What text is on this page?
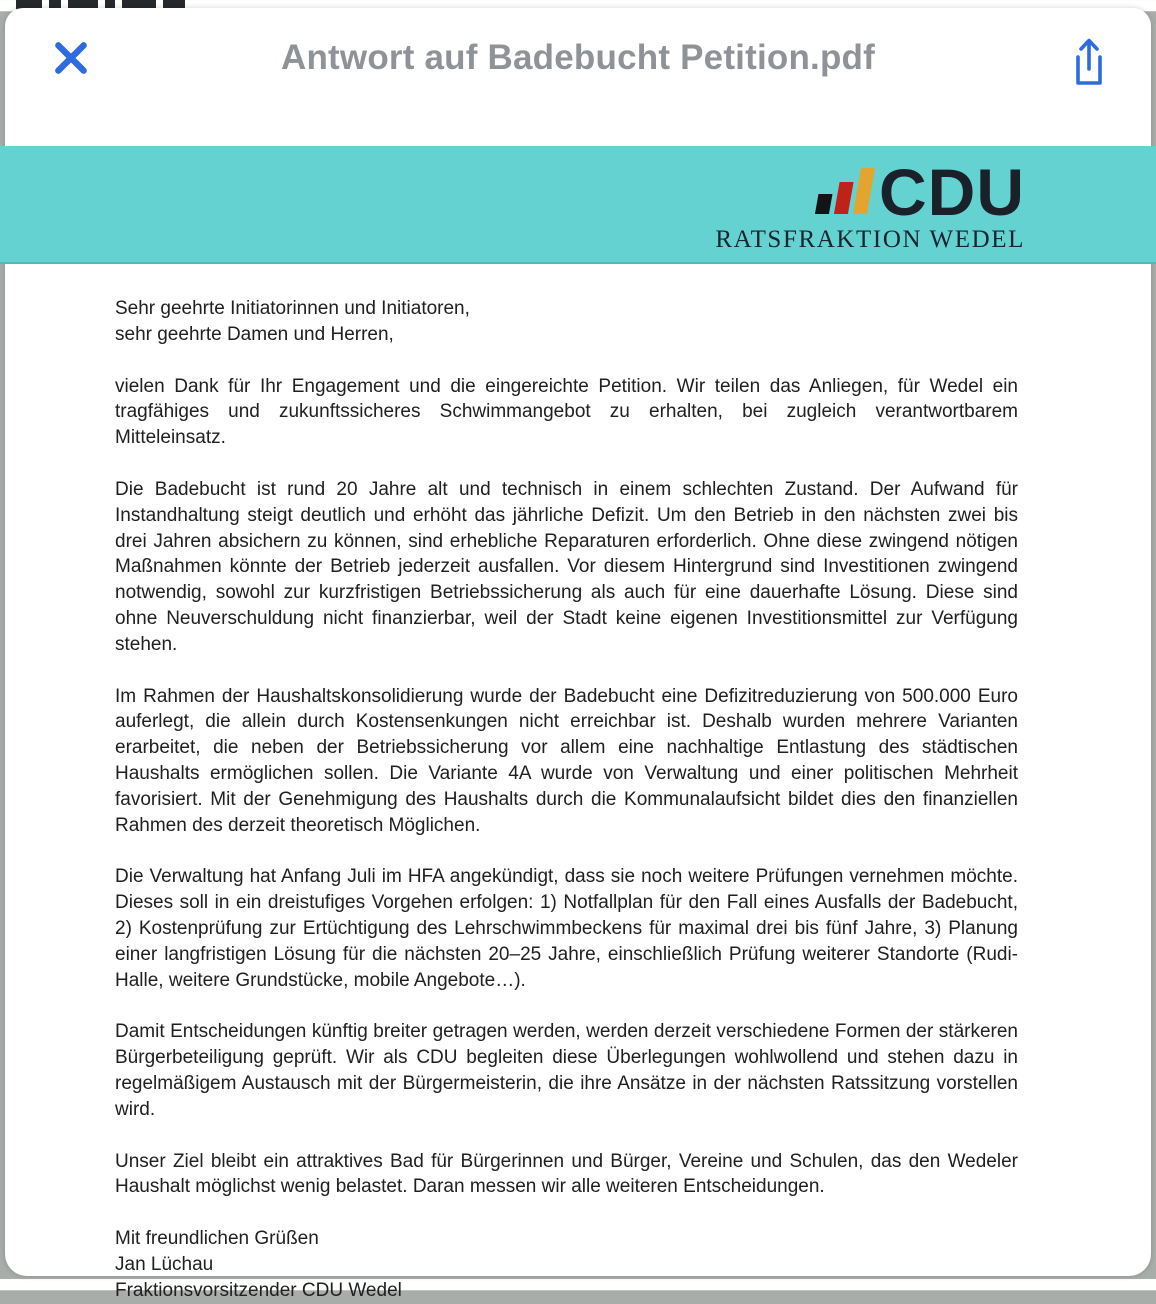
Antwort auf Badebucht Petition.pdf
CDU
RATSFRAKTION WEDEL

Sehr geehrte Initiatorinnen und Initiatoren,

sehr geehrte Damen und Herren,

vielen Dank für Ihr Engagement und die eingereichte Petition. Wir teilen das Anliegen, für Wedel ein tragfähiges und zukunftssicheres Schwimmangebot zu erhalten, bei zugleich verantwortbarem Mitteleinsatz.

Die Badebucht ist rund 20 Jahre alt und technisch in einem schlechten Zustand. Der Aufwand für Instandhaltung steigt deutlich und erhöht das jährliche Defizit. Um den Betrieb in den nächsten zwei bis drei Jahren absichern zu können, sind erhebliche Reparaturen erforderlich. Ohne diese zwingend nötigen Maßnahmen könnte der Betrieb jederzeit ausfallen. Vor diesem Hintergrund sind Investitionen zwingend notwendig, sowohl zur kurzfristigen Betriebssicherung als auch für eine dauerhafte Lösung. Diese sind ohne Neuverschuldung nicht finanzierbar, weil der Stadt keine eigenen Investitionsmittel zur Verfügung stehen.

Im Rahmen der Haushaltskonsolidierung wurde der Badebucht eine Defizitreduzierung von 500.000 Euro auferlegt, die allein durch Kostensenkungen nicht erreichbar ist. Deshalb wurden mehrere Varianten erarbeitet, die neben der Betriebssicherung vor allem eine nachhaltige Entlastung des städtischen Haushalts ermöglichen sollen. Die Variante 4A wurde von Verwaltung und einer politischen Mehrheit favorisiert. Mit der Genehmigung des Haushalts durch die Kommunalaufsicht bildet dies den finanziellen Rahmen des derzeit theoretisch Möglichen.

Die Verwaltung hat Anfang Juli im HFA angekündigt, dass sie noch weitere Prüfungen vernehmen möchte. Dieses soll in ein dreistufiges Vorgehen erfolgen: 1) Notfallplan für den Fall eines Ausfalls der Badebucht, 2) Kostenprüfung zur Ertüchtigung des Lehrschwimmbeckens für maximal drei bis fünf Jahre, 3) Planung einer langfristigen Lösung für die nächsten 20–25 Jahre, einschließlich Prüfung weiterer Standorte (Rudi-Halle, weitere Grundstücke, mobile Angebote…).

Damit Entscheidungen künftig breiter getragen werden, werden derzeit verschiedene Formen der stärkeren Bürgerbeteiligung geprüft. Wir als CDU begleiten diese Überlegungen wohlwollend und stehen dazu in regelmäßigem Austausch mit der Bürgermeisterin, die ihre Ansätze in der nächsten Ratssitzung vorstellen wird.

Unser Ziel bleibt ein attraktives Bad für Bürgerinnen und Bürger, Vereine und Schulen, das den Wedeler Haushalt möglichst wenig belastet. Daran messen wir alle weiteren Entscheidungen.

Mit freundlichen Grüßen

Jan Lüchau

Fraktionsvorsitzender CDU Wedel
